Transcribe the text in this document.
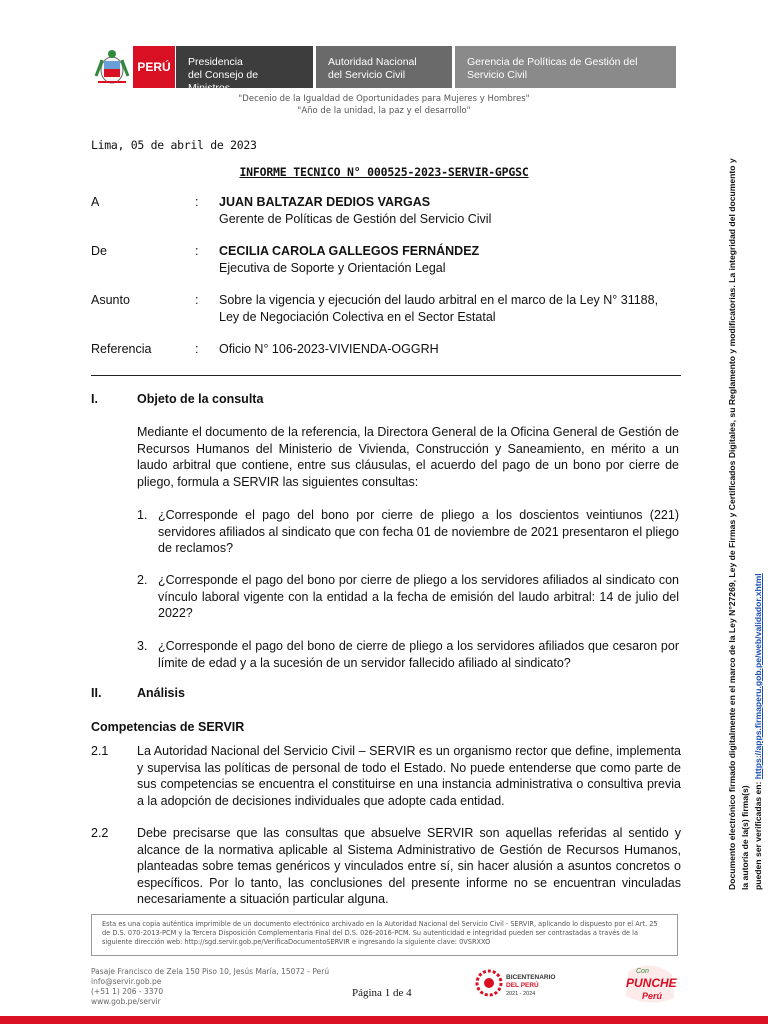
PERÚ	Presidencia
del Consejo de Ministros
Autoridad Nacional
del Servicio Civil
Gerencia de Políticas de Gestión del
Servicio Civil
"Decenio de la Igualdad de Oportunidades para Mujeres y Hombres"
"Año de la unidad, la paz y el desarrollo"
Lima, 05 de abril de 2023
INFORME TECNICO N° 000525-2023-SERVIR-GPGSC
A	: JUAN BALTAZAR DEDIOS VARGAS
Gerente de Políticas de Gestión del Servicio Civil
De	: CECILIA CAROLA GALLEGOS FERNÁNDEZ
Ejecutiva de Soporte y Orientación Legal
Asunto	: Sobre la vigencia y ejecución del laudo arbitral en el marco de la Ley N° 31188,
Ley de Negociación Colectiva en el Sector Estatal
Referencia	: Oficio N° 106-2023-VIVIENDA-OGGRH
I.	Objeto de la consulta
Mediante el documento de la referencia, la Directora General de la Oficina General de Gestión de Recursos Humanos del Ministerio de Vivienda, Construcción y Saneamiento, en mérito a un laudo arbitral que contiene, entre sus cláusulas, el acuerdo del pago de un bono por cierre de pliego, formula a SERVIR las siguientes consultas:
1. ¿Corresponde el pago del bono por cierre de pliego a los doscientos veintiunos (221) servidores afiliados al sindicato que con fecha 01 de noviembre de 2021 presentaron el pliego de reclamos?
2. ¿Corresponde el pago del bono por cierre de pliego a los servidores afiliados al sindicato con vínculo laboral vigente con la entidad a la fecha de emisión del laudo arbitral: 14 de julio del 2022?
3. ¿Corresponde el pago del bono de cierre de pliego a los servidores afiliados que cesaron por límite de edad y a la sucesión de un servidor fallecido afiliado al sindicato?
II.	Análisis
Competencias de SERVIR
2.1 La Autoridad Nacional del Servicio Civil – SERVIR es un organismo rector que define, implementa y supervisa las políticas de personal de todo el Estado. No puede entenderse que como parte de sus competencias se encuentra el constituirse en una instancia administrativa o consultiva previa a la adopción de decisiones individuales que adopte cada entidad.
2.2 Debe precisarse que las consultas que absuelve SERVIR son aquellas referidas al sentido y alcance de la normativa aplicable al Sistema Administrativo de Gestión de Recursos Humanos, planteadas sobre temas genéricos y vinculados entre sí, sin hacer alusión a asuntos concretos o específicos. Por lo tanto, las conclusiones del presente informe no se encuentran vinculadas necesariamente a situación particular alguna.
Esta es una copia auténtica imprimible de un documento electrónico archivado en la Autoridad Nacional del Servicio Civil - SERVIR, aplicando lo dispuesto por el Art. 25 de D.S. 070-2013-PCM y la Tercera Disposición Complementaria Final del D.S. 026-2016-PCM. Su autenticidad e integridad pueden ser contrastadas a través de la siguiente dirección web: http://sgd.servir.gob.pe/VerificaDocumentoSERVIR e ingresando la siguiente clave: 0VSRXXO
Pasaje Francisco de Zela 150 Piso 10, Jesús María, 15072 - Perú
info@servir.gob.pe
(+51 1) 206 - 3370
www.gob.pe/servir
Página 1 de 4
BICENTENARIO
DEL PERÚ
2021 - 2024
Con
PUNCHE
Perú
Documento electrónico firmado digitalmente en el marco de la Ley N°27269, Ley de Firmas y Certificados Digitales, su Reglamento y modificatorias. La integridad del documento y la autoría de la(s) firma(s) pueden ser verificadas en: https://apps.firmaperu.gob.pe/web/validador.xhtml
